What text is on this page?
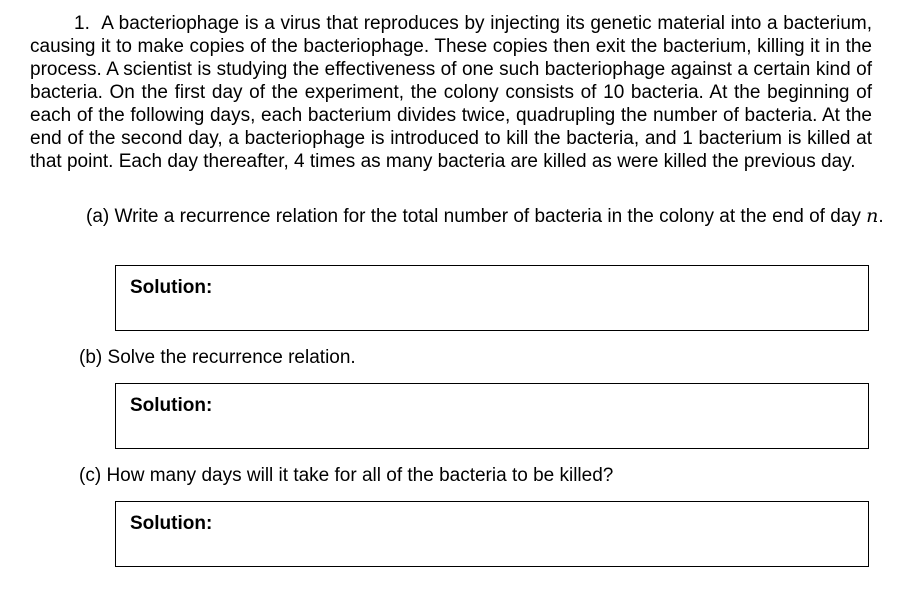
1. A bacteriophage is a virus that reproduces by injecting its genetic material into a bacterium, causing it to make copies of the bacteriophage. These copies then exit the bacterium, killing it in the process. A scientist is studying the effectiveness of one such bacteriophage against a certain kind of bacteria. On the first day of the experiment, the colony consists of 10 bacteria. At the beginning of each of the following days, each bacterium divides twice, quadrupling the number of bacteria. At the end of the second day, a bacteriophage is introduced to kill the bacteria, and 1 bacterium is killed at that point. Each day thereafter, 4 times as many bacteria are killed as were killed the previous day.

(a) Write a recurrence relation for the total number of bacteria in the colony at the end of day n.

Solution:

(b) Solve the recurrence relation.

Solution:

(c) How many days will it take for all of the bacteria to be killed?

Solution:
